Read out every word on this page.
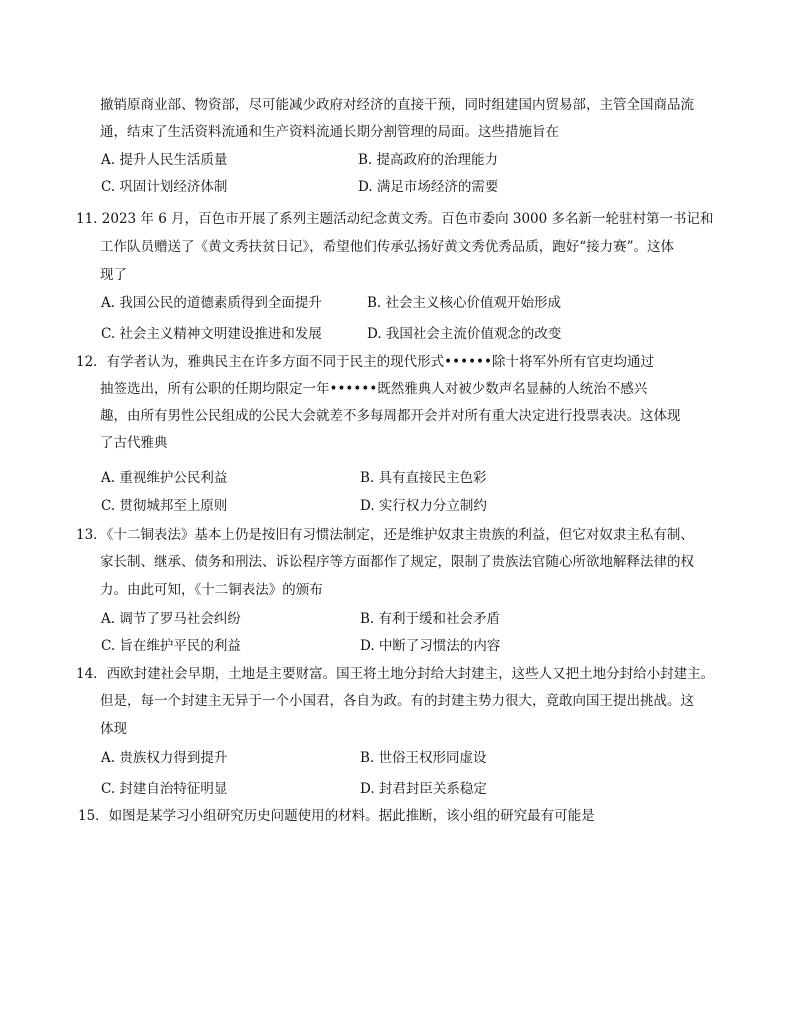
撤销原商业部、物资部，尽可能减少政府对经济的直接干预，同时组建国内贸易部，主管全国商品流
通，结束了生活资料流通和生产资料流通长期分割管理的局面。这些措施旨在
A. 提升人民生活质量	B. 提高政府的治理能力
C. 巩固计划经济体制	D. 满足市场经济的需要
11. 2023 年 6 月，百色市开展了系列主题活动纪念黄文秀。百色市委向 3000 多名新一轮驻村第一书记和
工作队员赠送了《黄文秀扶贫日记》，希望他们传承弘扬好黄文秀优秀品质，跑好“接力赛”。这体
现了
A. 我国公民的道德素质得到全面提升	B. 社会主义核心价值观开始形成
C. 社会主义精神文明建设推进和发展	D. 我国社会主流价值观念的改变
12．有学者认为，雅典民主在许多方面不同于民主的现代形式••••••除十将军外所有官吏均通过
抽签选出，所有公职的任期均限定一年••••••既然雅典人对被少数声名显赫的人统治不感兴
趣，由所有男性公民组成的公民大会就差不多每周都开会并对所有重大决定进行投票表决。这体现
了古代雅典
A. 重视维护公民利益	B. 具有直接民主色彩
C. 贯彻城邦至上原则	D. 实行权力分立制约
13．《十二铜表法》基本上仍是按旧有习惯法制定，还是维护奴隶主贵族的利益，但它对奴隶主私有制、
家长制、继承、债务和刑法、诉讼程序等方面都作了规定，限制了贵族法官随心所欲地解释法律的权
力。由此可知，《十二铜表法》的颁布
A. 调节了罗马社会纠纷	B. 有利于缓和社会矛盾
C. 旨在维护平民的利益	D. 中断了习惯法的内容
14．西欧封建社会早期，土地是主要财富。国王将土地分封给大封建主，这些人又把土地分封给小封建主。
但是，每一个封建主无异于一个小国君，各自为政。有的封建主势力很大，竟敢向国王提出挑战。这
体现
A. 贵族权力得到提升	B. 世俗王权形同虚设
C. 封建自治特征明显	D. 封君封臣关系稳定
15．如图是某学习小组研究历史问题使用的材料。据此推断，该小组的研究最有可能是
